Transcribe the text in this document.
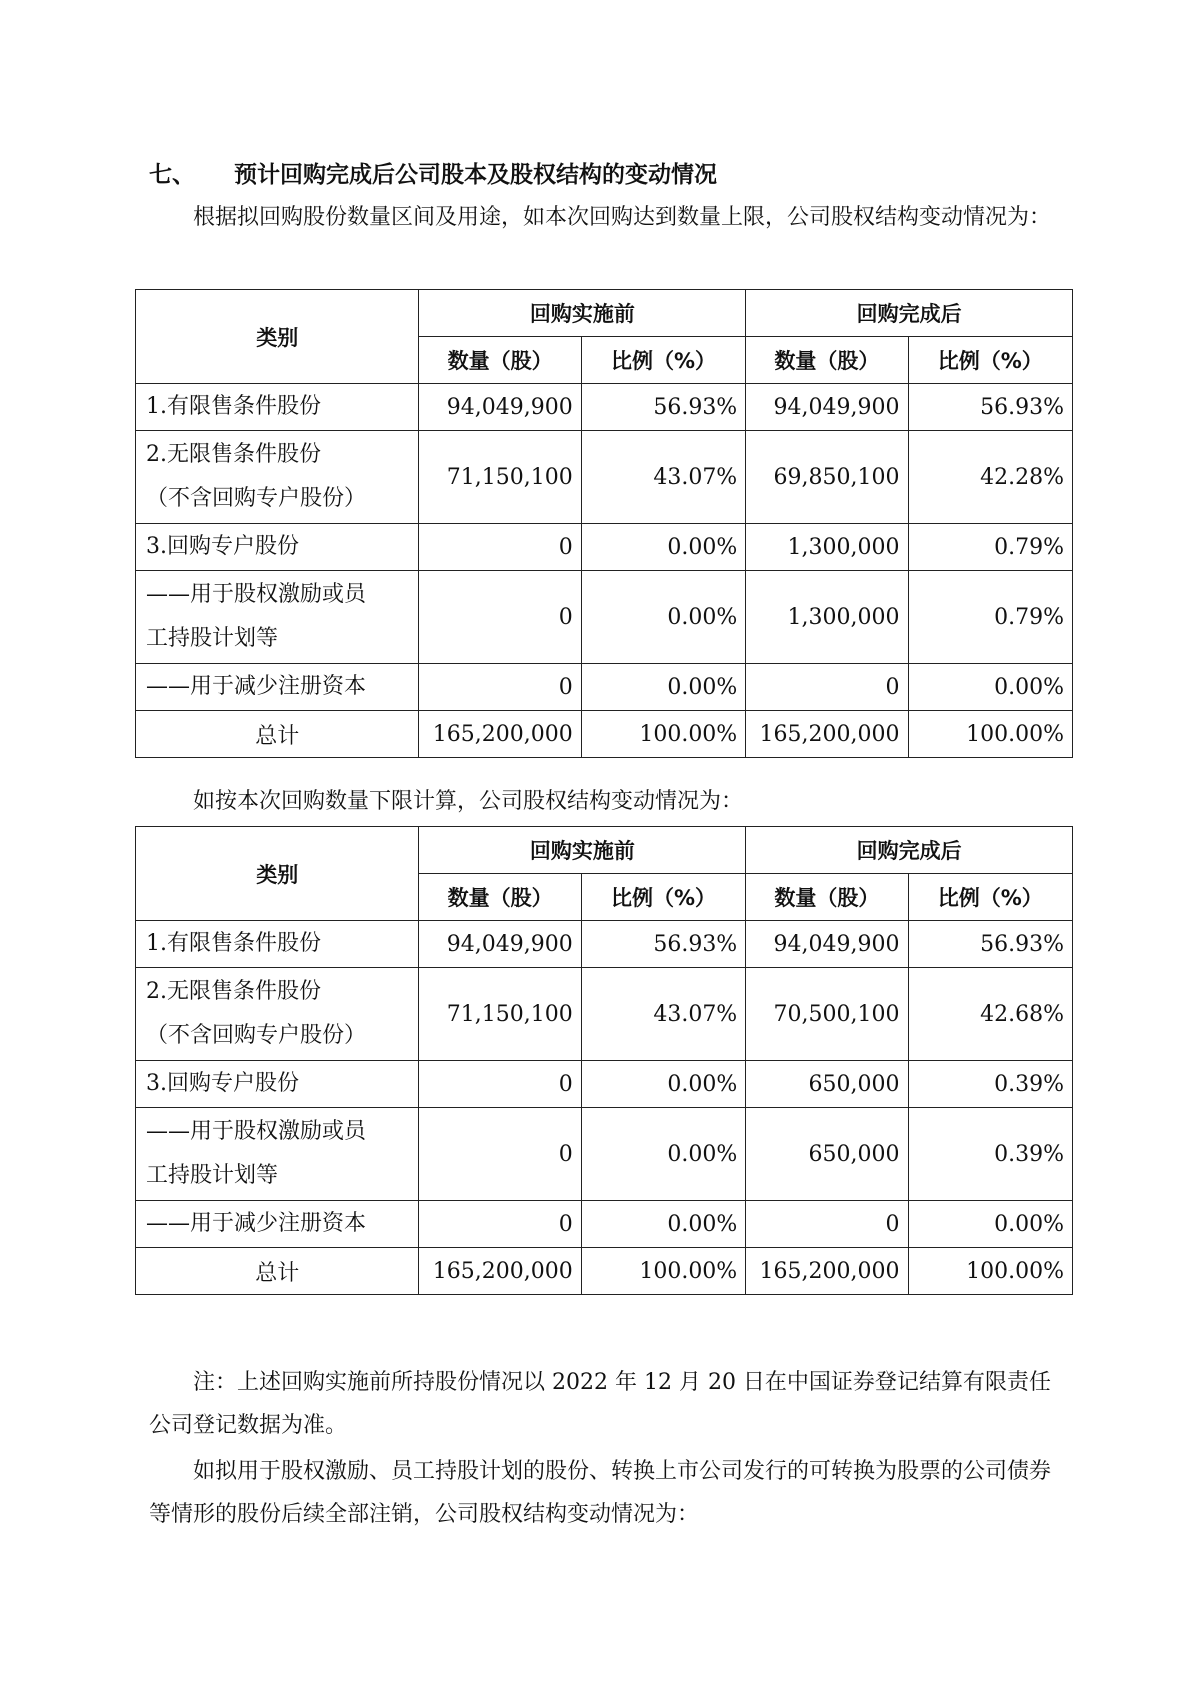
七、 预计回购完成后公司股本及股权结构的变动情况
根据拟回购股份数量区间及用途，如本次回购达到数量上限，公司股权结构变动情况为：
类别	回购实施前		回购完成后	
	数量（股）	比例（%）	数量（股）	比例（%）
1.有限售条件股份	94,049,900	56.93%	94,049,900	56.93%

2.无限售条件股份
（不含回购专户股份）	71,150,100	43.07%	69,850,100	42.28%
3.回购专户股份	0	0.00%	1,300,000	0.79%

——用于股权激励或员
工持股计划等	0	0.00%	1,300,000	0.79%
——用于减少注册资本	0	0.00%	0	0.00%
总计	165,200,000	100.00%	165,200,000	100.00%
如按本次回购数量下限计算，公司股权结构变动情况为：
类别	回购实施前		回购完成后	
	数量（股）	比例（%）	数量（股）	比例（%）
1.有限售条件股份	94,049,900	56.93%	94,049,900	56.93%

2.无限售条件股份
（不含回购专户股份）	71,150,100	43.07%	70,500,100	42.68%
3.回购专户股份	0	0.00%	650,000	0.39%

——用于股权激励或员
工持股计划等	0	0.00%	650,000	0.39%
——用于减少注册资本	0	0.00%	0	0.00%
总计	165,200,000	100.00%	165,200,000	100.00%
注：上述回购实施前所持股份情况以 2022 年 12 月 20 日在中国证券登记结算有限责任公司登记数据为准。
如拟用于股权激励、员工持股计划的股份、转换上市公司发行的可转换为股票的公司债券等情形的股份后续全部注销，公司股权结构变动情况为：
